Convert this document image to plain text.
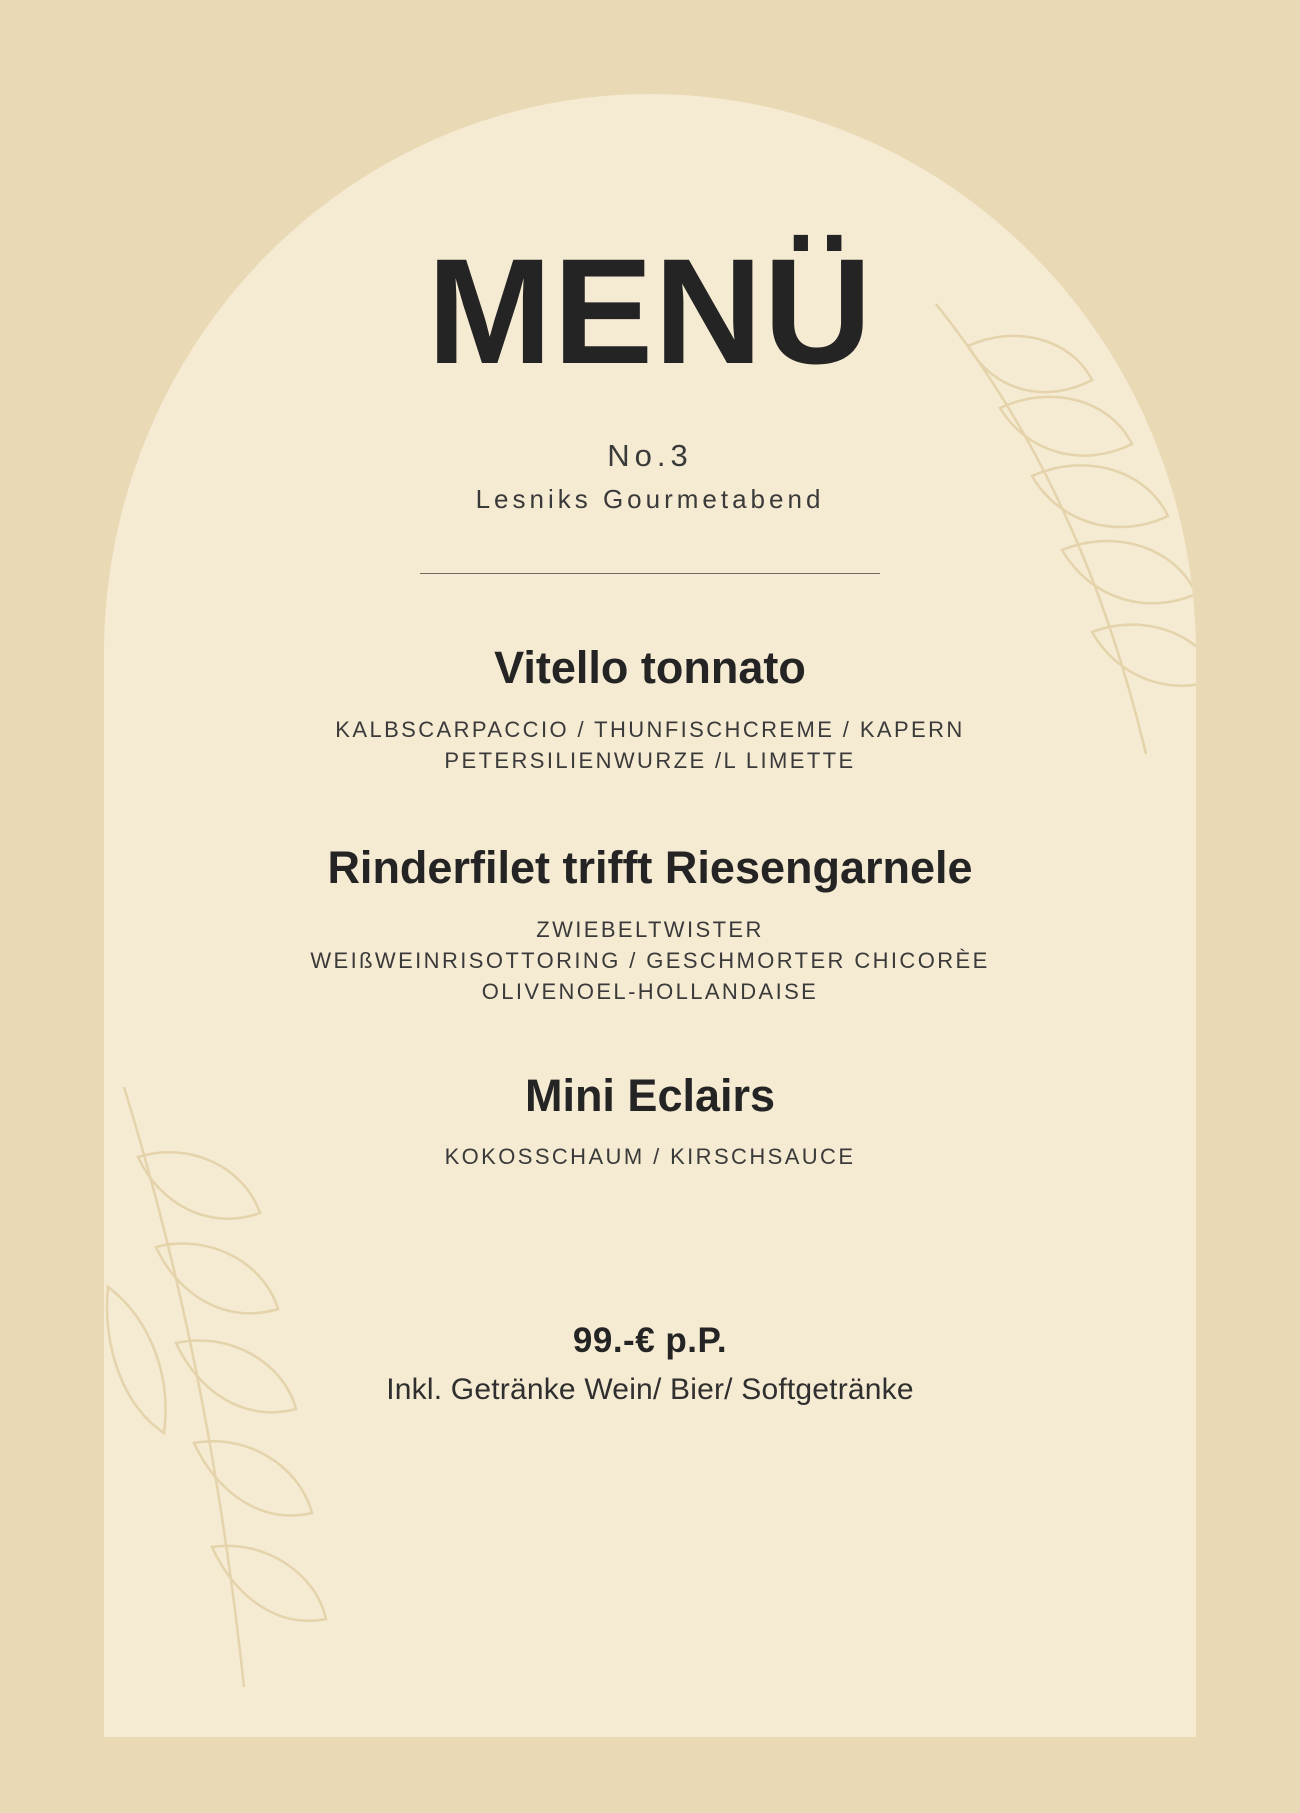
MENÜ
No.3
Lesniks Gourmetabend
Vitello tonnato
KALBSCARPACCIO / THUNFISCHCREME / KAPERN
PETERSILIENWURZE /L LIMETTE
Rinderfilet trifft Riesengarnele
ZWIEBELTWISTER
WEIßWEINRISOTTORING / GESCHMORTER CHICORÈE
OLIVENOEL-HOLLANDAISE
Mini Eclairs
KOKOSSCHAUM / KIRSCHSAUCE
99.-€ p.P.
Inkl. Getränke Wein/ Bier/ Softgetränke
